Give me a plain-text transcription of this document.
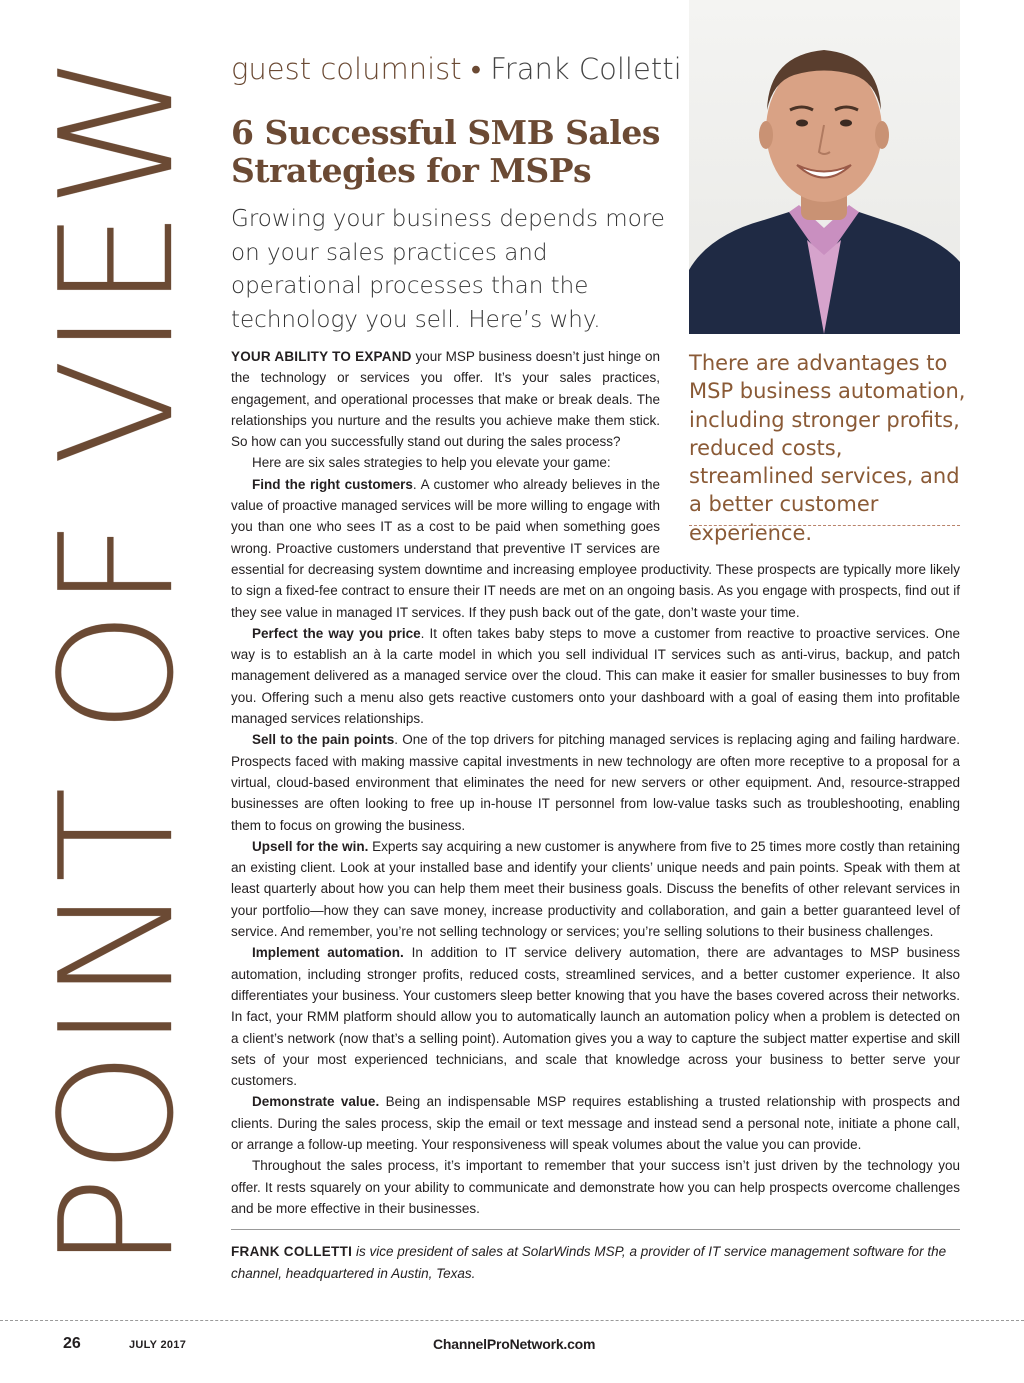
POINT OF VIEW guest columnist • Frank Colletti
6 Successful SMB Sales Strategies for MSPs

Growing your business depends more on your sales practices and operational processes than the technology you sell. Here’s why.

There are advantages to MSP business automation, including stronger profits, reduced costs, streamlined services, and a better customer experience.

YOUR ABILITY TO EXPAND your MSP business doesn’t just hinge on the technology or services you offer. It’s your sales practices, engagement, and operational processes that make or break deals. The relationships you nurture and the results you achieve make them stick. So how can you successfully stand out during the sales process?

Here are six sales strategies to help you elevate your game:

Find the right customers. A customer who already believes in the value of proactive managed services will be more willing to engage with you than one who sees IT as a cost to be paid when something goes wrong. Proactive customers understand that preventive IT services are essential for decreasing system downtime and increasing employee productivity. These prospects are typically more likely to sign a fixed-fee contract to ensure their IT needs are met on an ongoing basis. As you engage with prospects, find out if they see value in managed IT services. If they push back out of the gate, don’t waste your time.

Perfect the way you price. It often takes baby steps to move a customer from reactive to proactive services. One way is to establish an à la carte model in which you sell individual IT services such as anti-virus, backup, and patch management delivered as a managed service over the cloud. This can make it easier for smaller businesses to buy from you. Offering such a menu also gets reactive customers onto your dashboard with a goal of easing them into profitable managed services relationships.

Sell to the pain points. One of the top drivers for pitching managed services is replacing aging and failing hardware. Prospects faced with making massive capital investments in new technology are often more receptive to a proposal for a virtual, cloud-based environment that eliminates the need for new servers or other equipment. And, resource-strapped businesses are often looking to free up in-house IT personnel from low-value tasks such as troubleshooting, enabling them to focus on growing the business.

Upsell for the win. Experts say acquiring a new customer is anywhere from five to 25 times more costly than retaining an existing client. Look at your installed base and identify your clients’ unique needs and pain points. Speak with them at least quarterly about how you can help them meet their business goals. Discuss the benefits of other relevant services in your portfolio—how they can save money, increase productivity and collaboration, and gain a better guaranteed level of service. And remember, you’re not selling technology or services; you’re selling solutions to their business challenges.

Implement automation. In addition to IT service delivery automation, there are advantages to MSP business automation, including stronger profits, reduced costs, streamlined services, and a better customer experience. It also differentiates your business. Your customers sleep better knowing that you have the bases covered across their networks. In fact, your RMM platform should allow you to automatically launch an automation policy when a problem is detected on a client’s network (now that’s a selling point). Automation gives you a way to capture the subject matter expertise and skill sets of your most experienced technicians, and scale that knowledge across your business to better serve your customers.

Demonstrate value. Being an indispensable MSP requires establishing a trusted relationship with prospects and clients. During the sales process, skip the email or text message and instead send a personal note, initiate a phone call, or arrange a follow-up meeting. Your responsiveness will speak volumes about the value you can provide.

Throughout the sales process, it’s important to remember that your success isn’t just driven by the technology you offer. It rests squarely on your ability to communicate and demonstrate how you can help prospects overcome challenges and be more effective in their businesses.

FRANK COLLETTI is vice president of sales at SolarWinds MSP, a provider of IT service management software for the channel, headquartered in Austin, Texas.

26	JULY 2017	ChannelProNetwork.com
